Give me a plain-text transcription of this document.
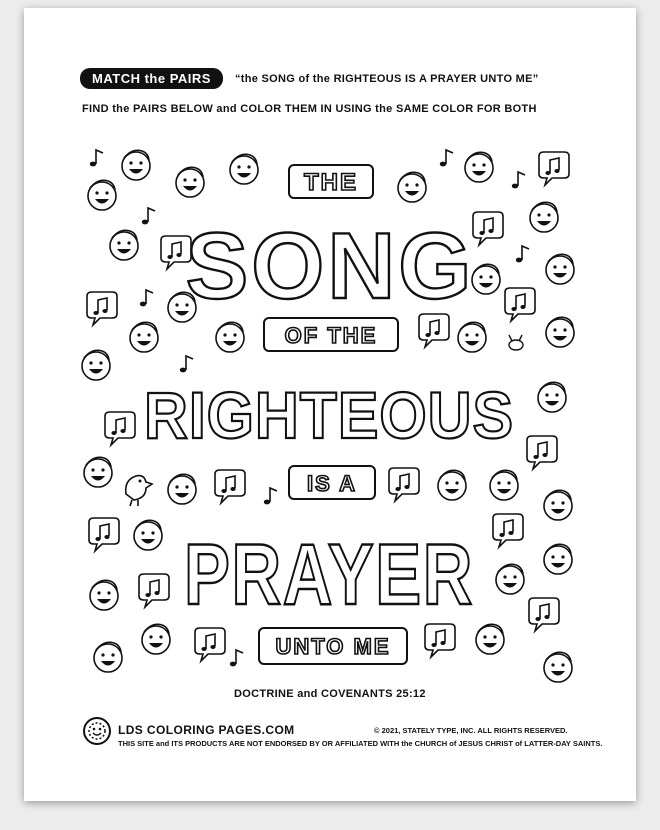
MATCH the PAIRS	“the SONG of the RIGHTEOUS IS A PRAYER UNTO ME”
FIND the PAIRS BELOW and COLOR THEM IN USING the SAME COLOR FOR BOTH
THE
SONG
OF THE
RIGHTEOUS
IS A
PRAYER
UNTO ME
DOCTRINE and COVENANTS 25:12
LDS COLORING PAGES.COM	© 2021, STATELY TYPE, INC. ALL RIGHTS RESERVED.
THIS SITE and ITS PRODUCTS ARE NOT ENDORSED BY OR AFFILIATED WITH the CHURCH of JESUS CHRIST of LATTER-DAY SAINTS.
